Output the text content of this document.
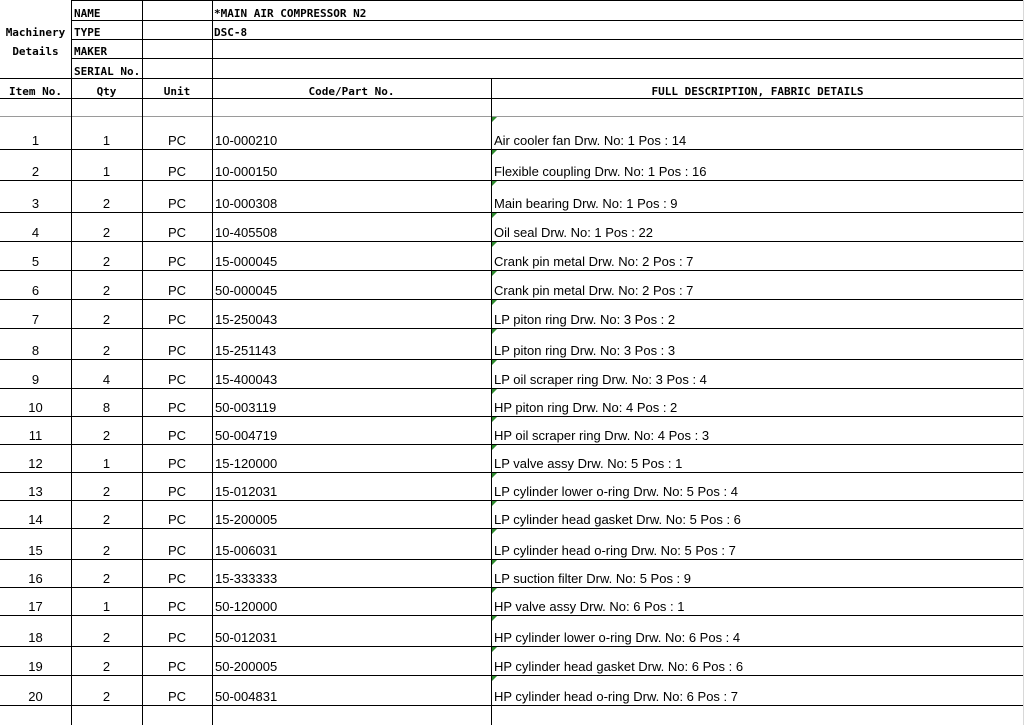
Machinery
Details
NAME	*MAIN AIR COMPRESSOR N2
TYPE	DSC-8
MAKER
SERIAL No.
Item No.	Qty	Unit	Code/Part No.	FULL DESCRIPTION, FABRIC DETAILS
1	1	PC	10-000210	Air cooler fan Drw. No: 1 Pos : 14
2	1	PC	10-000150	Flexible coupling Drw. No: 1 Pos : 16
3	2	PC	10-000308	Main bearing Drw. No: 1 Pos : 9
4	2	PC	10-405508	Oil seal Drw. No: 1 Pos : 22
5	2	PC	15-000045	Crank pin metal Drw. No: 2 Pos : 7
6	2	PC	50-000045	Crank pin metal Drw. No: 2 Pos : 7
7	2	PC	15-250043	LP piton ring Drw. No: 3 Pos : 2
8	2	PC	15-251143	LP piton ring Drw. No: 3 Pos : 3
9	4	PC	15-400043	LP oil scraper ring Drw. No: 3 Pos : 4
10	8	PC	50-003119	HP piton ring Drw. No: 4 Pos : 2
11	2	PC	50-004719	HP oil scraper ring Drw. No: 4 Pos : 3
12	1	PC	15-120000	LP valve assy Drw. No: 5 Pos : 1
13	2	PC	15-012031	LP cylinder lower o-ring Drw. No: 5 Pos : 4
14	2	PC	15-200005	LP cylinder head gasket Drw. No: 5 Pos : 6
15	2	PC	15-006031	LP cylinder head o-ring Drw. No: 5 Pos : 7
16	2	PC	15-333333	LP suction filter Drw. No: 5 Pos : 9
17	1	PC	50-120000	HP valve assy Drw. No: 6 Pos : 1
18	2	PC	50-012031	HP cylinder lower o-ring Drw. No: 6 Pos : 4
19	2	PC	50-200005	HP cylinder head gasket Drw. No: 6 Pos : 6
20	2	PC	50-004831	HP cylinder head o-ring Drw. No: 6 Pos : 7
